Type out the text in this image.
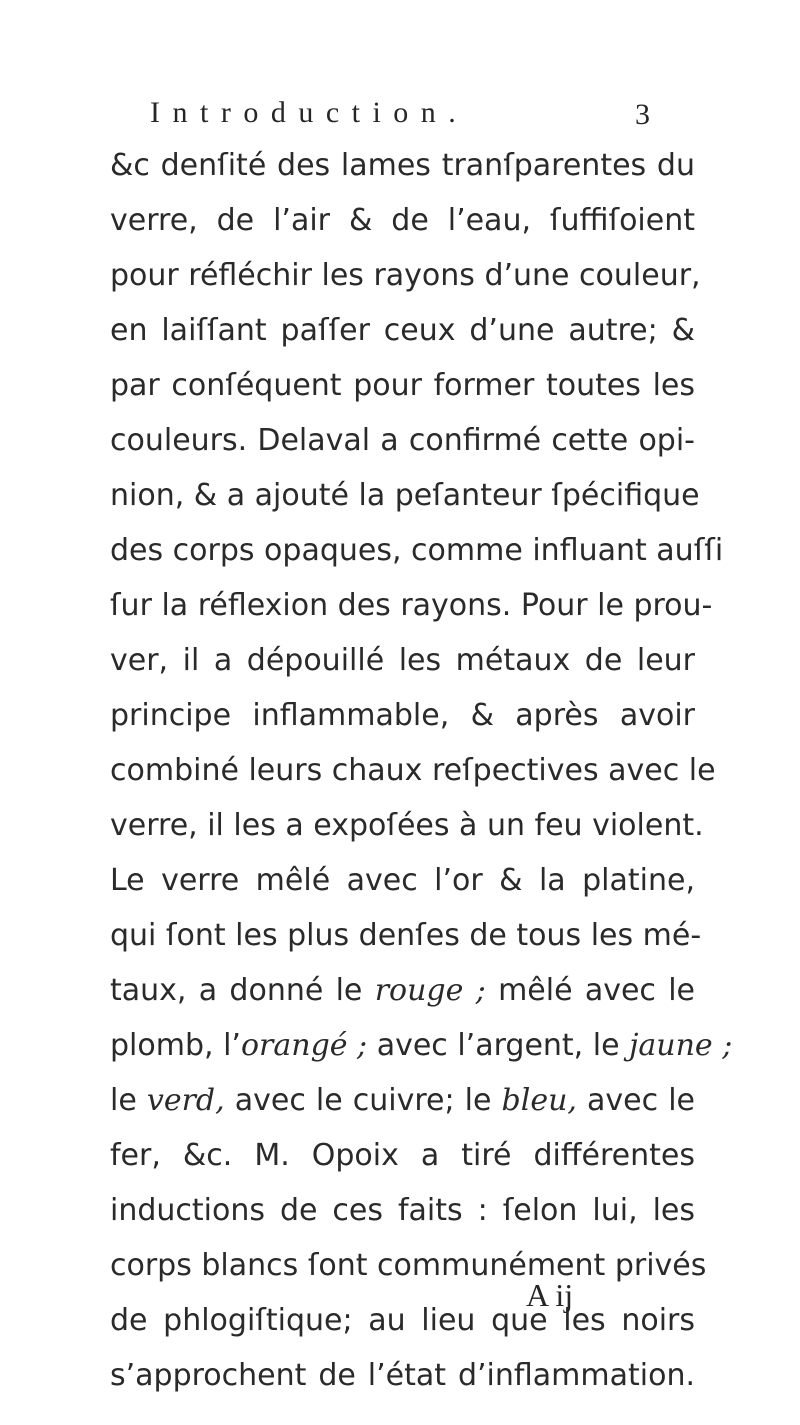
Introduction.	3
&c denſité des lames tranſparentes du
verre, de l’air & de l’eau, ſuffiſoient
pour réfléchir les rayons d’une couleur,
en laiſſant paſſer ceux d’une autre; &
par conſéquent pour former toutes les
couleurs. Delaval a confirmé cette opi-
nion, & a ajouté la peſanteur ſpécifique
des corps opaques, comme influant auſſi
ſur la réflexion des rayons. Pour le prou-
ver, il a dépouillé les métaux de leur
principe inflammable, & après avoir
combiné leurs chaux reſpectives avec le
verre, il les a expoſées à un feu violent.
Le verre mêlé avec l’or & la platine,
qui ſont les plus denſes de tous les mé-
taux, a donné le rouge ; mêlé avec le
plomb, l’orangé ; avec l’argent, le jaune ;
le verd, avec le cuivre; le bleu, avec le
fer, &c. M. Opoix a tiré différentes
inductions de ces faits : ſelon lui, les
corps blancs ſont communément privés
de phlogiſtique; au lieu que les noirs
s’approchent de l’état d’inflammation.
A ij
